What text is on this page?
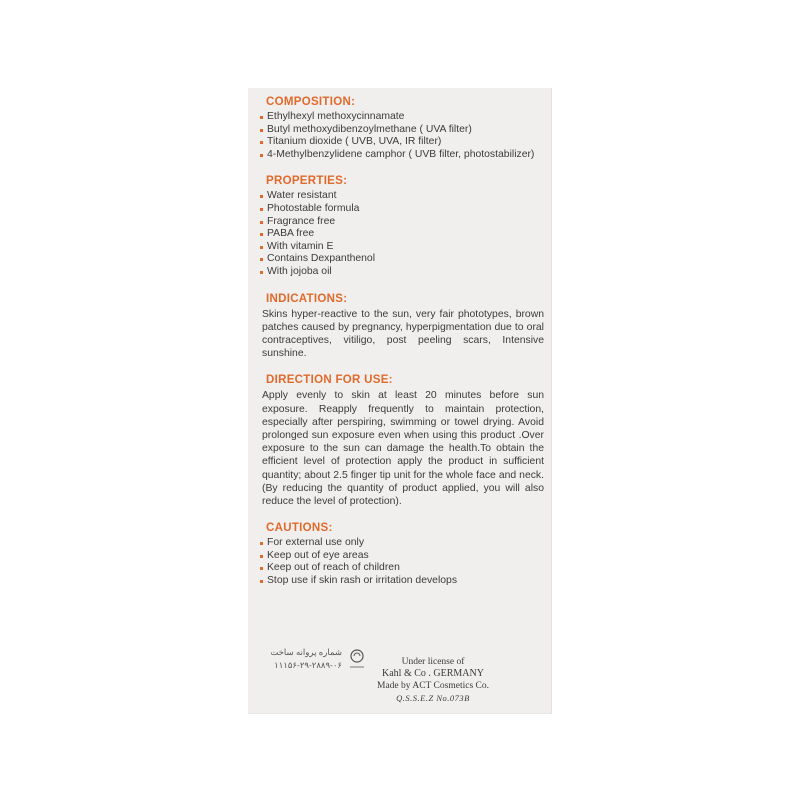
COMPOSITION:
Ethylhexyl methoxycinnamate
Butyl methoxydibenzoylmethane ( UVA filter)
Titanium dioxide ( UVB, UVA, IR filter)
4-Methylbenzylidene camphor ( UVB filter, photostabilizer)
PROPERTIES:
Water resistant
Photostable formula
Fragrance free
PABA free
With vitamin E
Contains Dexpanthenol
With jojoba oil
INDICATIONS:
Skins hyper-reactive to the sun, very fair phototypes, brown patches caused by pregnancy, hyperpigmentation due to oral contraceptives, vitiligo, post peeling scars, Intensive sunshine.
DIRECTION FOR USE:
Apply evenly to skin at least 20 minutes before sun exposure. Reapply frequently to maintain protection, especially after perspiring, swimming or towel drying. Avoid prolonged sun exposure even when using this product .Over exposure to the sun can damage the health.To obtain the efficient level of protection apply the product in sufficient quantity; about 2.5 finger tip unit for the whole face and neck.(By reducing the quantity of product applied, you will also reduce the level of protection).
CAUTIONS:
For external use only
Keep out of eye areas
Keep out of reach of children
Stop use if skin rash or irritation develops
شماره پروانه ساخت
۱۱۱۵۶-۲۹-۲۸۸۹-۰۶	Under license of
Kahl & Co . GERMANY
Made by ACT Cosmetics Co.
Q.S.S.E.Z No.073B
